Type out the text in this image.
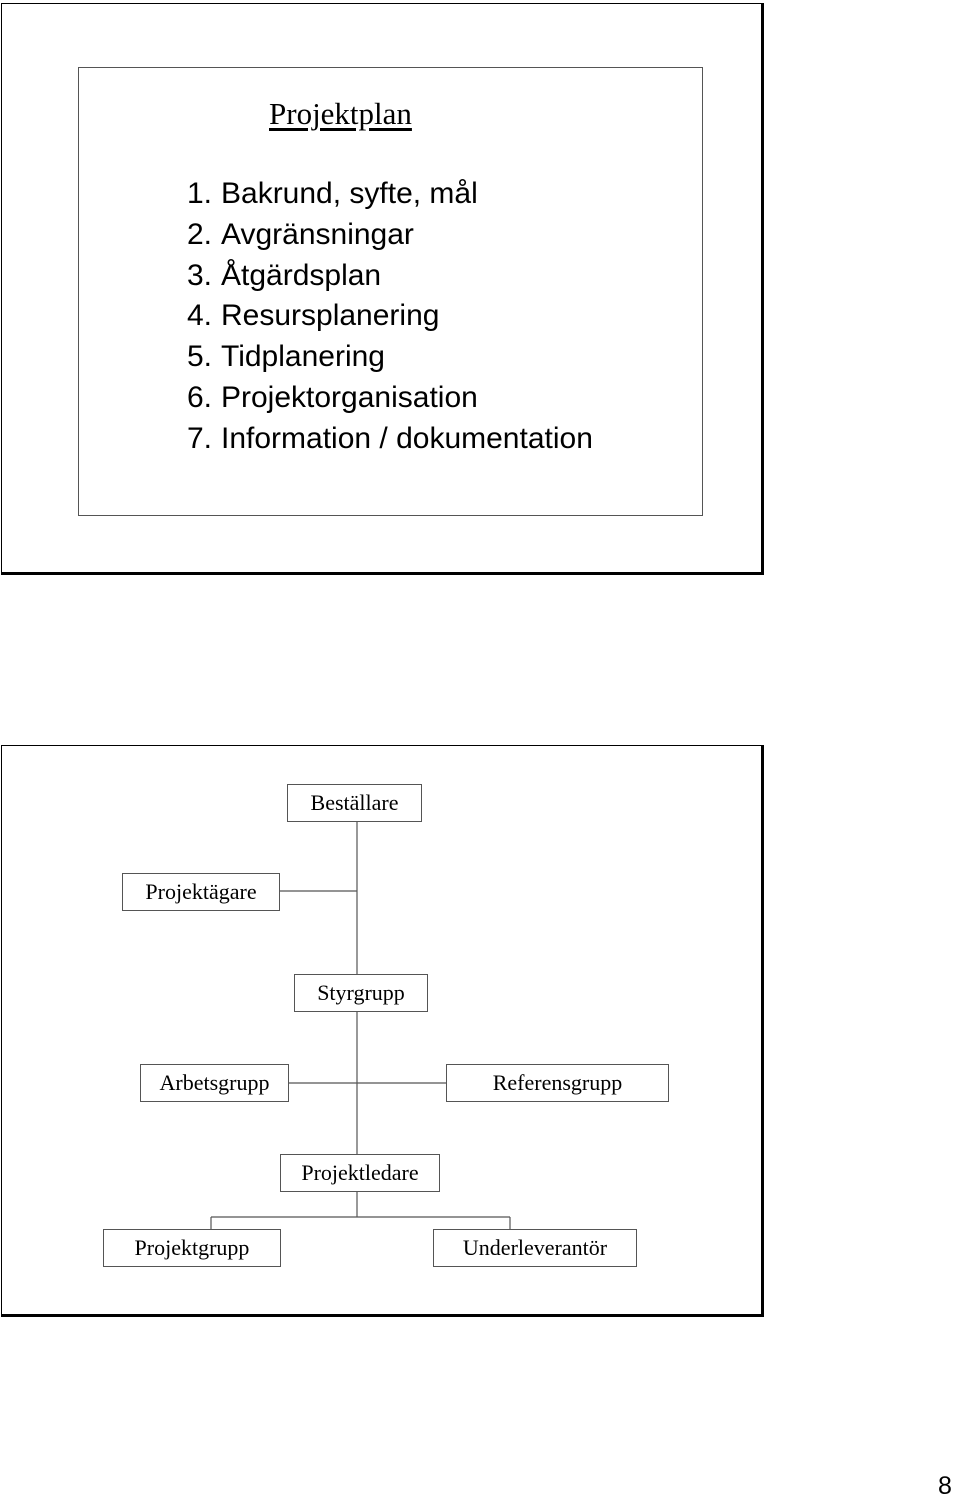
Projektplan
1. Bakrund, syfte, mål
2. Avgränsningar
3. Åtgärdsplan
4. Resursplanering
5. Tidplanering
6. Projektorganisation
7. Information / dokumentation
Beställare
Projektägare
Styrgrupp
Arbetsgrupp	Referensgrupp
Projektledare
Projektgrupp	Underleverantör
8
